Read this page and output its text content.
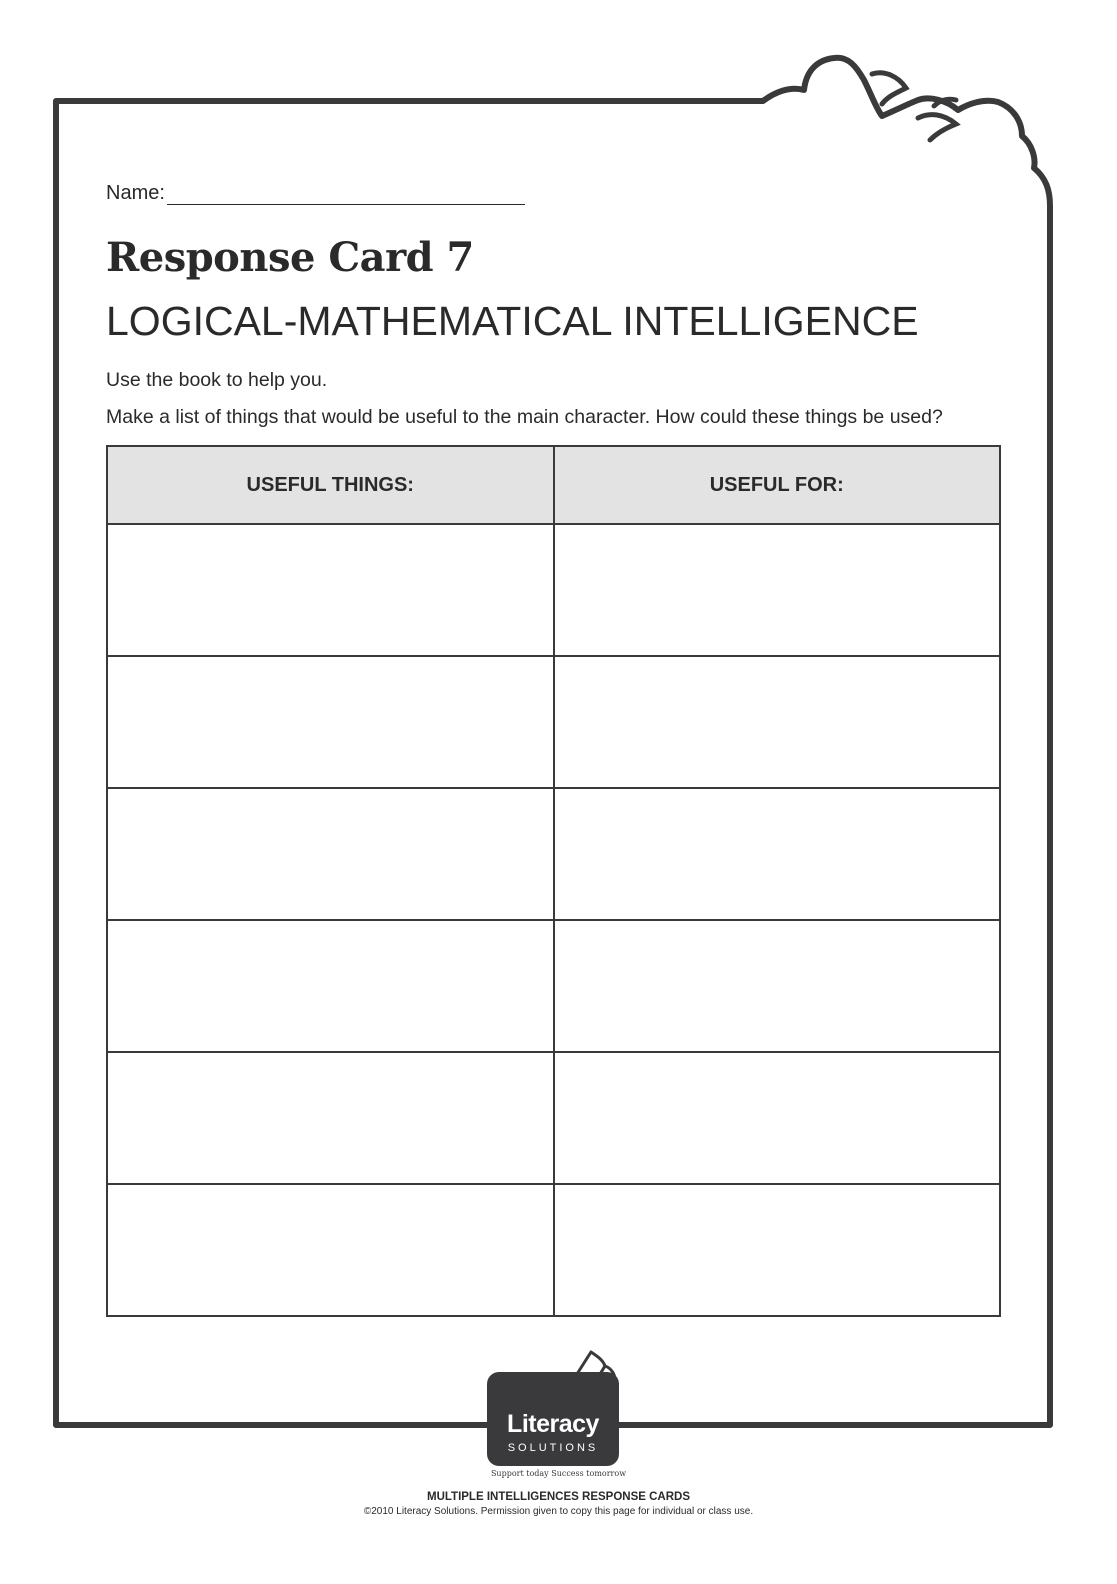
Name:
Response Card 7
LOGICAL-MATHEMATICAL INTELLIGENCE
Use the book to help you.
Make a list of things that would be useful to the main character. How could these things be used?
USEFUL THINGS:	USEFUL FOR:

Literacy
SOLUTIONS
Support today Success tomorrow
MULTIPLE INTELLIGENCES RESPONSE CARDS
©2010 Literacy Solutions. Permission given to copy this page for individual or class use.
